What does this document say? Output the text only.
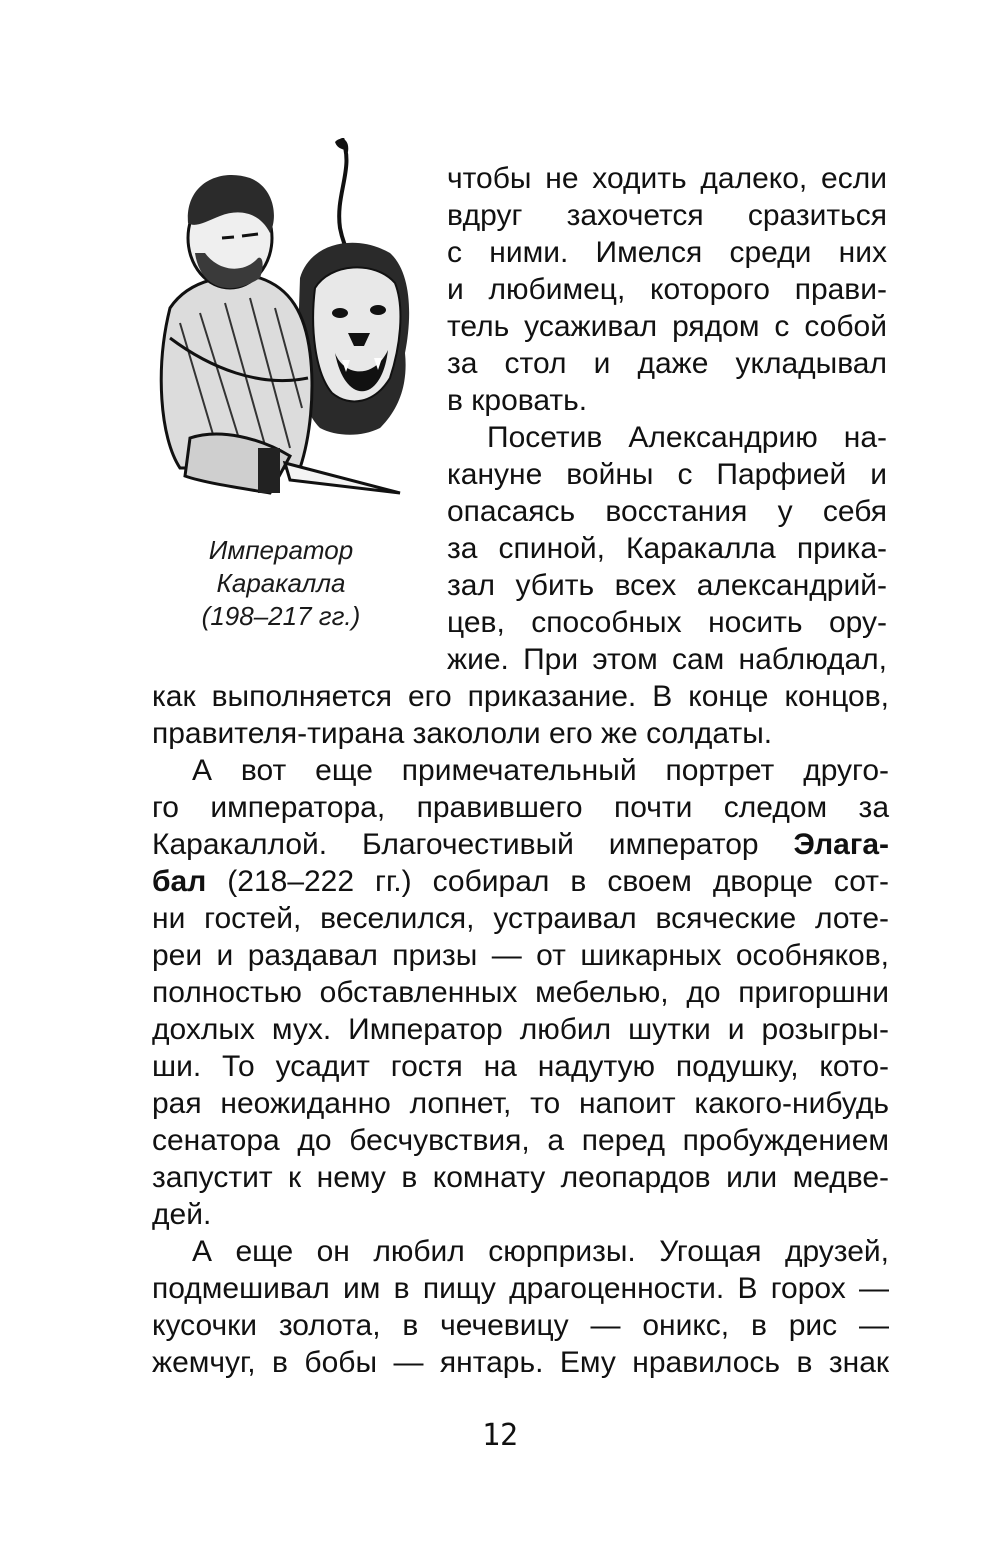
Император
Каракалла
(198–217 гг.)
чтобы не ходить далеко, если
вдруг захочется сразиться
с ними. Имелся среди них
и любимец, которого прави-
тель усаживал рядом с собой
за стол и даже укладывал
в кровать.
Посетив Александрию на-
кануне войны с Парфией и
опасаясь восстания у себя
за спиной, Каракалла прика-
зал убить всех александрий-
цев, способных носить ору-
жие. При этом сам наблюдал,
как выполняется его приказание. В конце концов,
правителя-тирана закололи его же солдаты.
А вот еще примечательный портрет друго-
го императора, правившего почти следом за
Каракаллой. Благочестивый император Элага-
бал (218–222 гг.) собирал в своем дворце сот-
ни гостей, веселился, устраивал всяческие лоте-
реи и раздавал призы — от шикарных особняков,
полностью обставленных мебелью, до пригоршни
дохлых мух. Император любил шутки и розыгры-
ши. То усадит гостя на надутую подушку, кото-
рая неожиданно лопнет, то напоит какого-нибудь
сенатора до бесчувствия, а перед пробуждением
запустит к нему в комнату леопардов или медве-
дей.
А еще он любил сюрпризы. Угощая друзей,
подмешивал им в пищу драгоценности. В горох —
кусочки золота, в чечевицу — оникс, в рис —
жемчуг, в бобы — янтарь. Ему нравилось в знак
12
